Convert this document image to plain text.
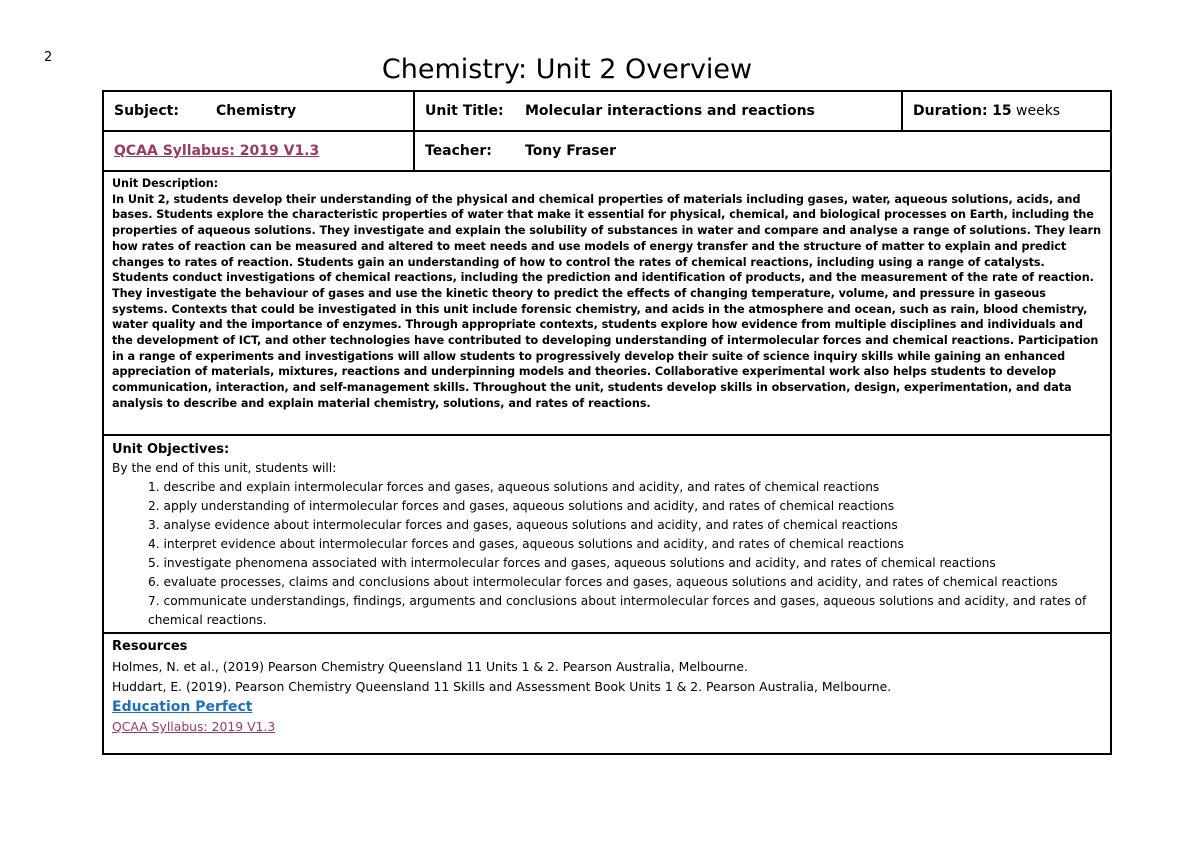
2	Chemistry: Unit 2 Overview
Subject:	Chemistry	Unit Title:	Molecular interactions and reactions	Duration:
15
weeks
QCAA Syllabus: 2019 V1.3	Teacher:	Tony Fraser

Unit Description:

In Unit 2, students develop their understanding of the physical and chemical properties of materials including gases, water, aqueous solutions, acids, and bases. Students explore the characteristic properties of water that make it essential for physical, chemical, and biological processes on Earth, including the properties of aqueous solutions. They investigate and explain the solubility of substances in water and compare and analyse a range of solutions. They learn how rates of reaction can be measured and altered to meet needs and use models of energy transfer and the structure of matter to explain and predict changes to rates of reaction. Students gain an understanding of how to control the rates of chemical reactions, including using a range of catalysts.

Students conduct investigations of chemical reactions, including the prediction and identification of products, and the measurement of the rate of reaction. They investigate the behaviour of gases and use the kinetic theory to predict the effects of changing temperature, volume, and pressure in gaseous systems. Contexts that could be investigated in this unit include forensic chemistry, and acids in the atmosphere and ocean, such as rain, blood chemistry, water quality and the importance of enzymes. Through appropriate contexts, students explore how evidence from multiple disciplines and individuals and the development of ICT, and other technologies have contributed to developing understanding of intermolecular forces and chemical reactions. Participation in a range of experiments and investigations will allow students to progressively develop their suite of science inquiry skills while gaining an enhanced appreciation of materials, mixtures, reactions and underpinning models and theories. Collaborative experimental work also helps students to develop communication, interaction, and self-management skills. Throughout the unit, students develop skills in observation, design, experimentation, and data analysis to describe and explain material chemistry, solutions, and rates of reactions.

Unit Objectives:
By the end of this unit, students will:
1. describe and explain intermolecular forces and gases, aqueous solutions and acidity, and rates of chemical reactions
2. apply understanding of intermolecular forces and gases, aqueous solutions and acidity, and rates of chemical reactions
3. analyse evidence about intermolecular forces and gases, aqueous solutions and acidity, and rates of chemical reactions
4. interpret evidence about intermolecular forces and gases, aqueous solutions and acidity, and rates of chemical reactions
5. investigate phenomena associated with intermolecular forces and gases, aqueous solutions and acidity, and rates of chemical reactions
6. evaluate processes, claims and conclusions about intermolecular forces and gases, aqueous solutions and acidity, and rates of chemical reactions
7. communicate understandings, findings, arguments and conclusions about intermolecular forces and gases, aqueous solutions and acidity, and rates of chemical reactions.
Resources
Holmes, N. et al., (2019) Pearson Chemistry Queensland 11 Units 1 & 2. Pearson Australia, Melbourne.
Huddart, E. (2019). Pearson Chemistry Queensland 11 Skills and Assessment Book Units 1 & 2. Pearson Australia, Melbourne.
Education Perfect
QCAA Syllabus: 2019 V1.3
